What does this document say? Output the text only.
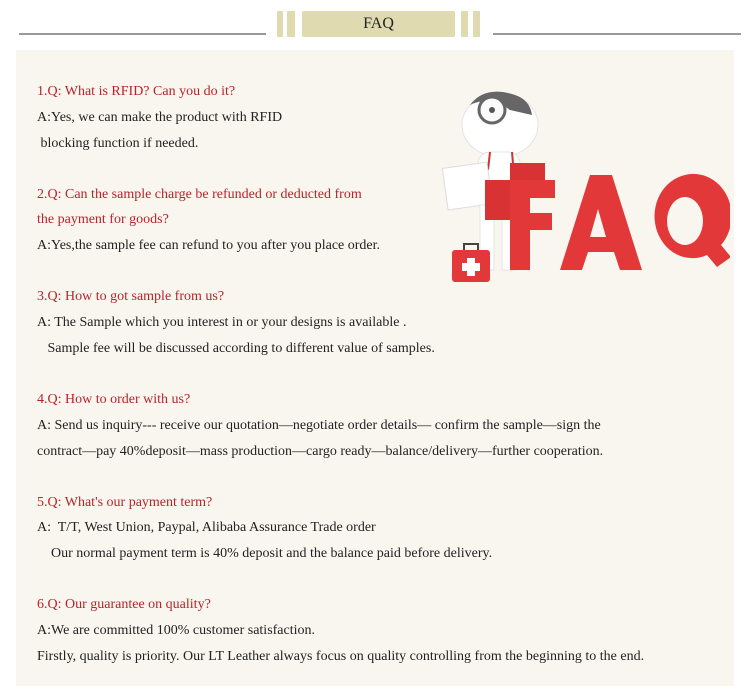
FAQ
1.Q: What is RFID? Can you do it?
A:Yes, we can make the product with RFID
blocking function if needed.
2.Q: Can the sample charge be refunded or deducted from
the payment for goods?
A:Yes,the sample fee can refund to you after you place order.
3.Q: How to got sample from us?
A: The Sample which you interest in or your designs is available .
Sample fee will be discussed according to different value of samples.
4.Q: How to order with us?
A: Send us inquiry--- receive our quotation—negotiate order details— confirm the sample—sign the
contract—pay 40%deposit—mass production—cargo ready—balance/delivery—further cooperation.
5.Q: What's our payment term?
A:  T/T, West Union, Paypal, Alibaba Assurance Trade order
Our normal payment term is 40% deposit and the balance paid before delivery.
6.Q: Our guarantee on quality?
A:We are committed 100% customer satisfaction.
Firstly, quality is priority. Our LT Leather always focus on quality controlling from the beginning to the end.
